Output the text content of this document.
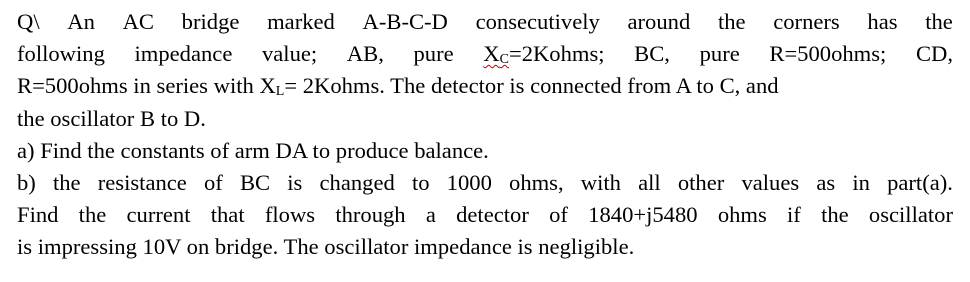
Q\ An AC bridge marked A-B-C-D consecutively around the corners has the
following impedance value; AB, pure XC=2Kohms; BC, pure R=500ohms; CD,
R=500ohms in series with XL= 2Kohms. The detector is connected from A to C, and
the oscillator B to D.
a) Find the constants of arm DA to produce balance.
b) the resistance of BC is changed to 1000 ohms, with all other values as in part(a).
Find the current that flows through a detector of 1840+j5480 ohms if the oscillator
is impressing 10V on bridge. The oscillator impedance is negligible.
